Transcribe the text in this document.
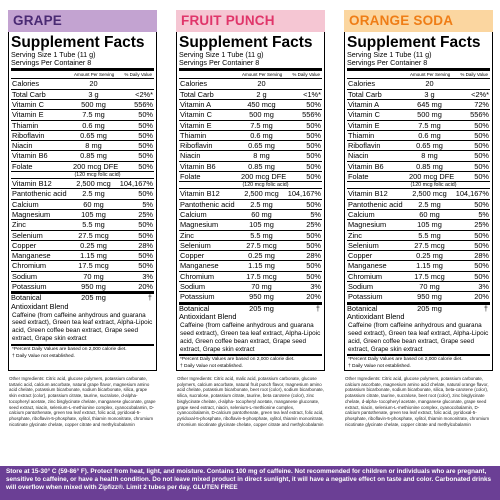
GRAPE
Supplement Facts
Serving Size 1 Tube (11 g)
Servings Per Container 8
Amount Per Serving % Daily Value
Calories	20
Total Carb	3 g	<2%*
Vitamin C	500 mg	556%
Vitamin E	7.5 mg	50%
Thiamin	0.6 mg	50%
Riboflavin	0.65 mg	50%
Niacin	8 mg	50%
Vitamin B6	0.85 mg	50%
Folate	200 mcg DFE	50%
(120 mcg folic acid)
Vitamin B12	2,500 mcg	104,167%
Pantothenic acid	2.5 mg	50%
Calcium	60 mg	5%
Magnesium	105 mg	25%
Zinc	5.5 mg	50%
Selenium	27.5 mcg	50%
Copper	0.25 mg	28%
Manganese	1.15 mg	50%
Chromium	17.5 mcg	50%
Sodium	70 mg	3%
Potassium	950 mg	20%
Botanical Antioxidant Blend
205 mg	†
Caffeine (from caffeine anhydrous and guarana seed extract), Green tea leaf extract, Alpha-Lipoic acid, Green coffee bean extract, Grape seed extract, Grape skin extract
*Percent Daily Values are based on 2,000 calorie diet.
† Daily Value not established.
Other Ingredients: Citric acid, glucose polymers, potassium carbonate, tartaric acid, calcium ascorbate, natural grape flavor, magnesium amino acid chelate, potassium bicarbonate, sodium bicarbonate, silica, grape skin extract (color), potassium citrate, taurine, sucralose, d-alpha-tocopheryl acetate, zinc bisglycinate chelate, manganese gluconate, grape seed extract, niacin, selenium-L-methionine complex, cyanocobalamin, D-calcium pantothenate, green tea leaf extract, folic acid, pyridoxal-5-phosphate, riboflavin-5-phosphate, xylitol, thiamin mononitrate, chromium nicotinate glycinate chelate, copper citrate and methylcobalamin
FRUIT PUNCH
Supplement Facts
Serving Size 1 Tube (11 g)
Servings Per Container 8
Amount Per Serving % Daily Value
Calories	20
Total Carb	2 g	<1%*
Vitamin A	450 mcg	50%
Vitamin C	500 mg	556%
Vitamin E	7.5 mg	50%
Thiamin	0.6 mg	50%
Riboflavin	0.65 mg	50%
Niacin	8 mg	50%
Vitamin B6	0.85 mg	50%
Folate	200 mcg DFE	50%
(120 mcg folic acid)
Vitamin B12	2,500 mcg	104,167%
Pantothenic acid	2.5 mg	50%
Calcium	60 mg	5%
Magnesium	105 mg	25%
Zinc	5.5 mg	50%
Selenium	27.5 mcg	50%
Copper	0.25 mg	28%
Manganese	1.15 mg	50%
Chromium	17.5 mcg	50%
Sodium	70 mg	3%
Potassium	950 mg	20%
Botanical Antioxidant Blend
205 mg	†
Caffeine (from caffeine anhydrous and guarana seed extract), Green tea leaf extract, Alpha-Lipoic acid, Green coffee bean extract, Grape seed extract, Grape skin extract
*Percent Daily Values are based on 2,000 calorie diet.
† Daily Value not established.
Other Ingredients: Citric acid, malic acid, potassium carbonate, glucose polymers, calcium ascorbate, natural fruit punch flavor, magnesium amino acid chelate, potassium bicarbonate, beet root (color), sodium bicarbonate, silica, sucralose, potassium citrate, taurine, beta carotene (color), zinc bisglycinate chelate, d-alpha- tocopheryl acetate, manganese gluconate, grape seed extract, niacin, selenium-L-methionine complex, cyanocobalamin, D-calcium pantothenate, green tea leaf extract, folic acid, pyridoxal-5-phosphate, riboflavin-5-phosphate, xylitol, thiamin mononitrate, chromium nicotinate glycinate chelate, copper citrate and methylcobalamin
ORANGE SODA
Supplement Facts
Serving Size 1 Tube (11 g)
Servings Per Container 8
Amount Per Serving % Daily Value
Calories	20
Total Carb	3 g	<2%*
Vitamin A	645 mg	72%
Vitamin C	500 mg	556%
Vitamin E	7.5 mg	50%
Thiamin	0.6 mg	50%
Riboflavin	0.65 mg	50%
Niacin	8 mg	50%
Vitamin B6	0.85 mg	50%
Folate	200 mcg DFE	50%
(120 mcg folic acid)
Vitamin B12	2,500 mcg	104,167%
Pantothenic acid	2.5 mg	50%
Calcium	60 mg	5%
Magnesium	105 mg	25%
Zinc	5.5 mg	50%
Selenium	27.5 mcg	50%
Copper	0.25 mg	28%
Manganese	1.15 mg	50%
Chromium	17.5 mcg	50%
Sodium	70 mg	3%
Potassium	950 mg	20%
Botanical Antioxidant Blend
205 mg	†
Caffeine (from caffeine anhydrous and guarana seed extract), Green tea leaf extract, Alpha-Lipoic acid, Green coffee bean extract, Grape seed extract, Grape skin extract
*Percent Daily Values are based on 2,000 calorie diet.
† Daily Value not established.
Other Ingredients: Citric acid, glucose polymers, potassium carbonate, calcium ascorbate, magnesium amino acid chelate, natural orange flavor, potassium bicarbonate, sodium bicarbonate, silica, beta-carotene (color), potassium citrate, taurine, sucralose, beet root (color), zinc bisglycinate chelate, d-alpha- tocopheryl acetate, manganese gluconate, grape seed extract, niacin, selenium-L-methionine complex, cyanocobalamin, D-calcium pantothenate, green tea leaf extract, folic acid, pyridoxal-5-phosphate, riboflavin-5-phosphate, xylitol, thiamin mononitrate, chromium nicotinate glycinate chelate, copper citrate and methylcobalamin
Store at 15-30° C (59-86° F). Protect from heat, light, and moisture. Contains 100 mg of caffeine. Not recommended for children or individuals who are pregnant, sensitive to caffeine, or have a health condition. Do not leave mixed product in direct sunlight, it will have a negative effect on taste and color. Carbonated drinks will overflow when mixed with Zipfizz®. Limit 2 tubes per day. GLUTEN FREE
